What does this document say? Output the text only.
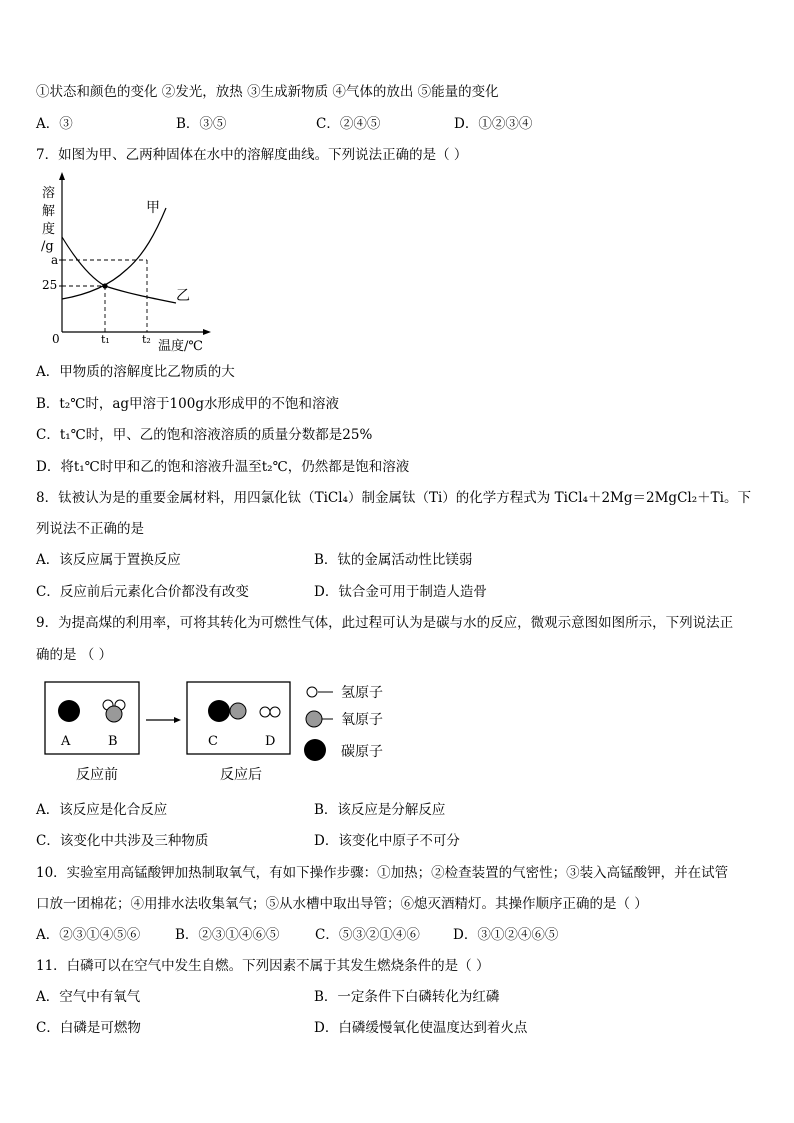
①状态和颜色的变化 ②发光，放热 ③生成新物质 ④气体的放出 ⑤能量的变化
A．③	B．③⑤	C．②④⑤	D．①②③④
7．如图为甲、乙两种固体在水中的溶解度曲线。下列说法正确的是（ ）
溶
解
度
/g
a
25
0	t₁	t₂ 温度/℃
甲
乙
A．甲物质的溶解度比乙物质的大
B．t₂℃时，ag甲溶于100g水形成甲的不饱和溶液
C．t₁℃时，甲、乙的饱和溶液溶质的质量分数都是25%
D．将t₁℃时甲和乙的饱和溶液升温至t₂℃，仍然都是饱和溶液
8．钛被认为是的重要金属材料，用四氯化钛（TiCl₄）制金属钛（Ti）的化学方程式为 TiCl₄＋2Mg＝2MgCl₂＋Ti。下
列说法不正确的是
A．该反应属于置换反应	B．钛的金属活动性比镁弱
C．反应前后元素化合价都没有改变	D．钛合金可用于制造人造骨
9．为提高煤的利用率，可将其转化为可燃性气体，此过程可认为是碳与水的反应，微观示意图如图所示，下列说法正
确的是 （ ）
A	B	C	D
氢原子
氧原子
碳原子
反应前	反应后
A．该反应是化合反应	B．该反应是分解反应
C．该变化中共涉及三种物质	D．该变化中原子不可分
10．实验室用高锰酸钾加热制取氧气，有如下操作步骤：①加热；②检查装置的气密性；③装入高锰酸钾，并在试管
口放一团棉花；④用排水法收集氧气；⑤从水槽中取出导管；⑥熄灭酒精灯。其操作顺序正确的是（ ）
A．②③①④⑤⑥	B．②③①④⑥⑤	C．⑤③②①④⑥ D．③①②④⑥⑤
11．白磷可以在空气中发生自燃。下列因素不属于其发生燃烧条件的是（ ）
A．空气中有氧气	B．一定条件下白磷转化为红磷
C．白磷是可燃物	D．白磷缓慢氧化使温度达到着火点
